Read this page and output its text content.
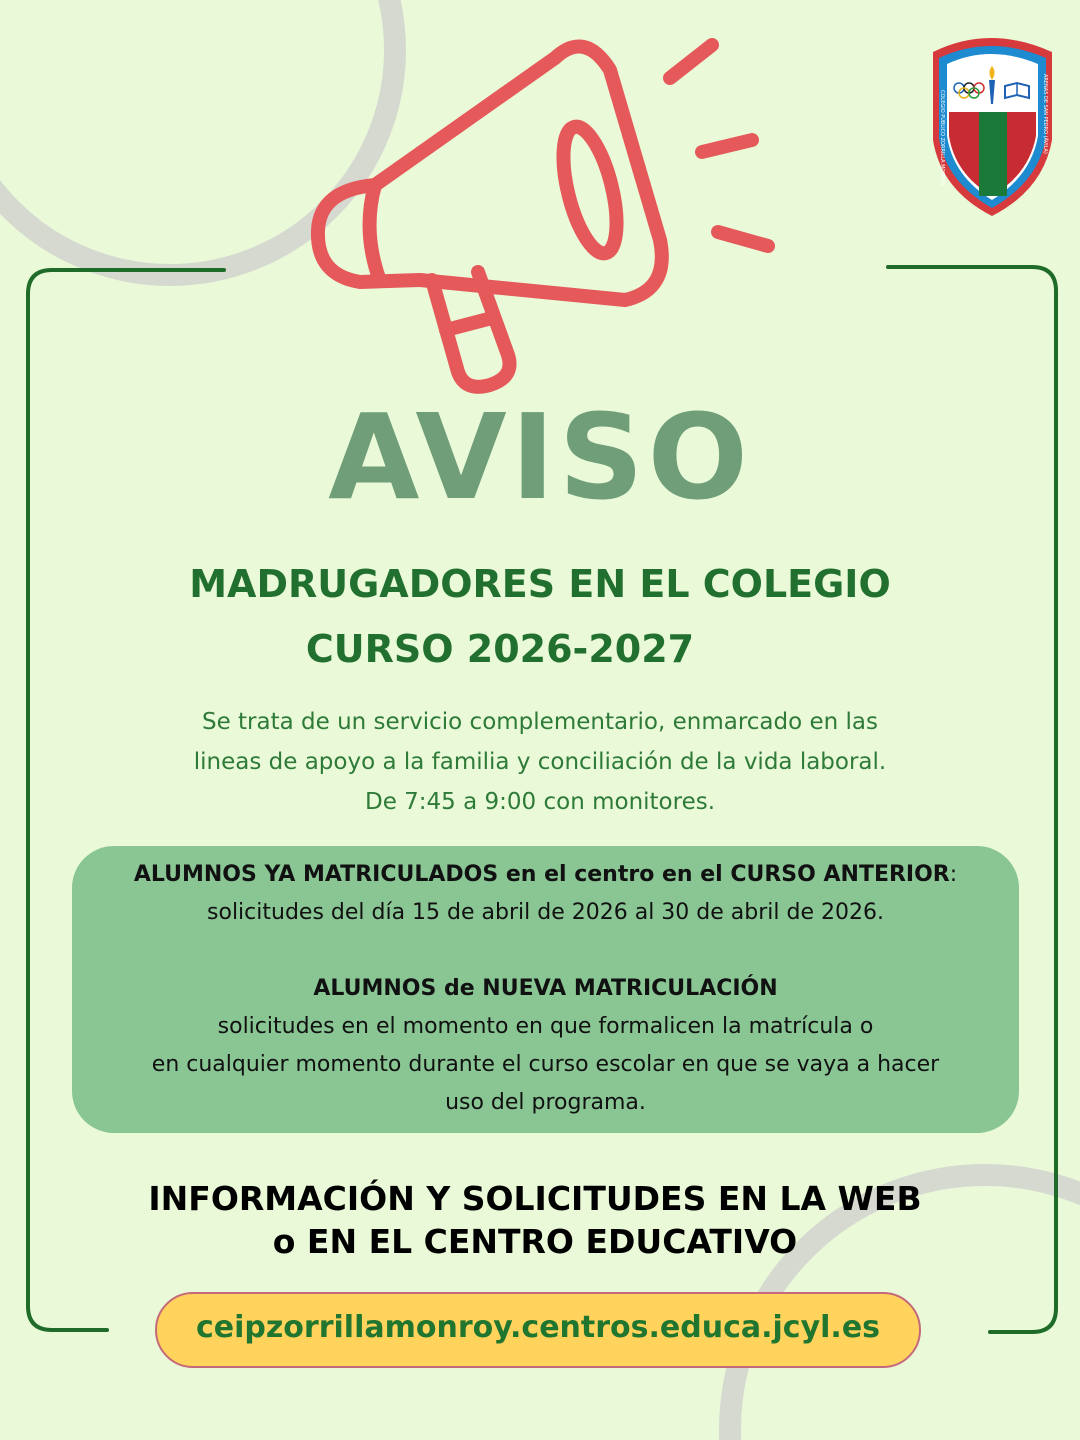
COLEGIO PÚBLICO ZORRILLA MONROY	ARENAS DE SAN PEDRO (ÁVILA)
AVISO
MADRUGADORES EN EL COLEGIO
CURSO 2026-2027
Se trata de un servicio complementario, enmarcado en las
lineas de apoyo a la familia y conciliación de la vida laboral.
De 7:45 a 9:00 con monitores.
ALUMNOS YA MATRICULADOS en el centro en el CURSO ANTERIOR:
solicitudes del día 15 de abril de 2026 al 30 de abril de 2026.
ALUMNOS de NUEVA MATRICULACIÓN
solicitudes en el momento en que formalicen la matrícula o
en cualquier momento durante el curso escolar en que se vaya a hacer
uso del programa.
INFORMACIÓN Y SOLICITUDES EN LA WEB
o EN EL CENTRO EDUCATIVO
ceipzorrillamonroy.centros.educa.jcyl.es
